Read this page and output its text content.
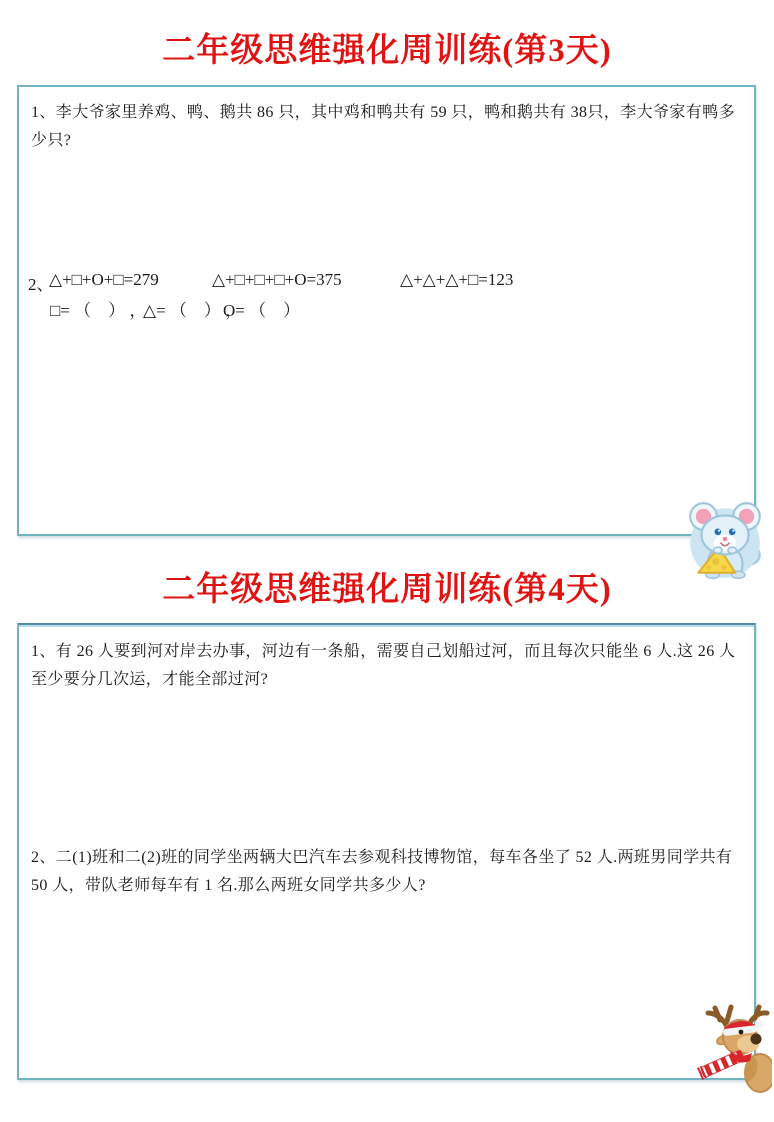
二年级思维强化周训练(第3天)
1、李大爷家里养鸡、鸭、鹅共 86 只，其中鸡和鸭共有 59 只，鸭和鹅共有 38只，李大爷家有鸭多少只?
2、
△+□+O+□=279	△+□+□+□+O=375	△+△+△+□=123
□= （　） ，
△= （　） ，
O= （　）
二年级思维强化周训练(第4天)
1、有 26 人要到河对岸去办事，河边有一条船，需要自己划船过河，而且每次只能坐 6 人.这 26 人至少要分几次运，才能全部过河?
2、二(1)班和二(2)班的同学坐两辆大巴汽车去参观科技博物馆，每车各坐了 52 人.两班男同学共有 50 人，带队老师每车有 1 名.那么两班女同学共多少人?
